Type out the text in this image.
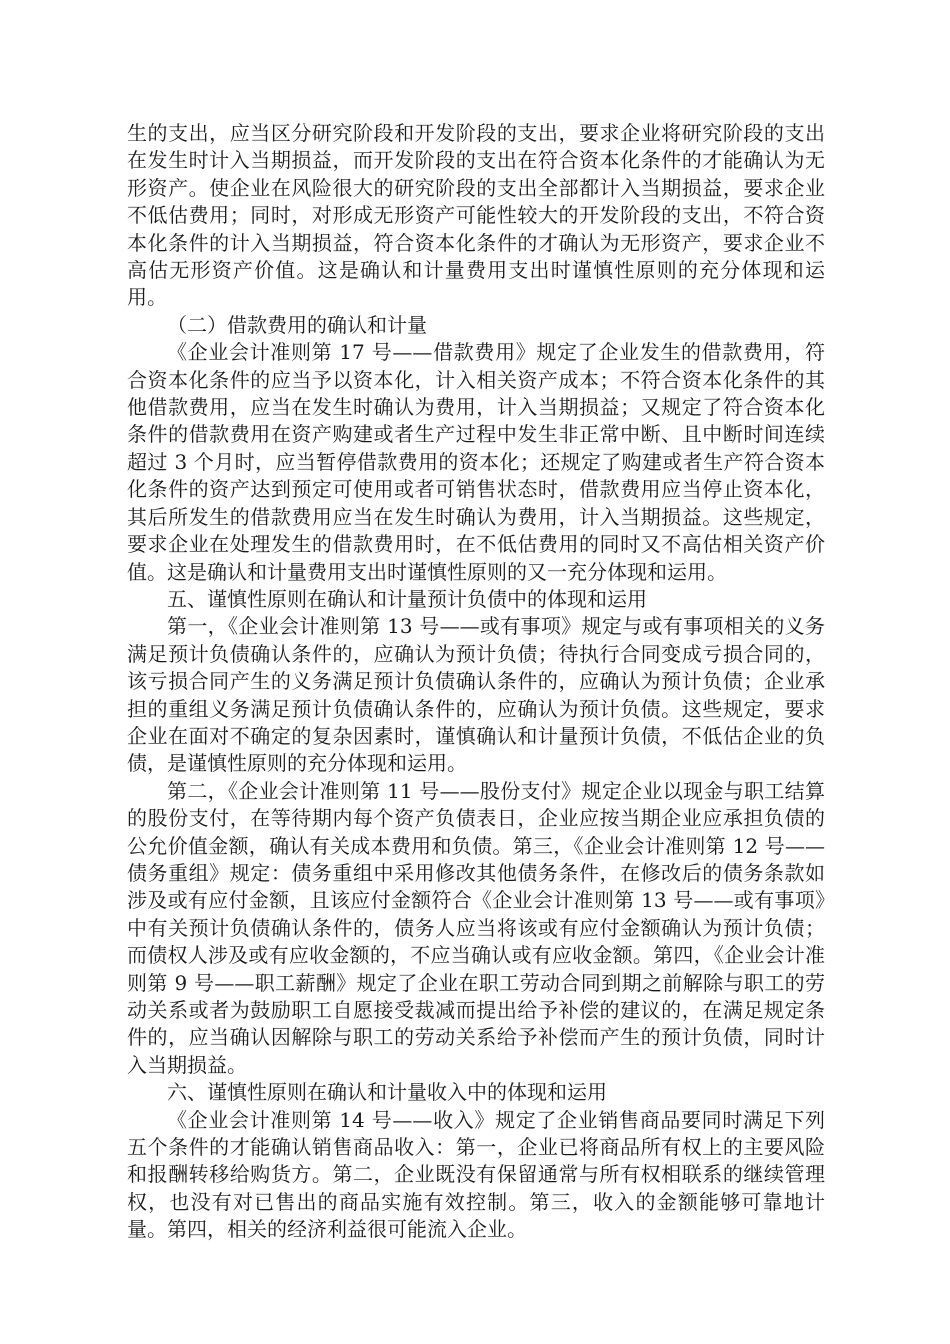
生的支出，应当区分研究阶段和开发阶段的支出，要求企业将研究阶段的支出在发生时计入当期损益，而开发阶段的支出在符合资本化条件的才能确认为无形资产。使企业在风险很大的研究阶段的支出全部都计入当期损益，要求企业不低估费用；同时，对形成无形资产可能性较大的开发阶段的支出，不符合资本化条件的计入当期损益，符合资本化条件的才确认为无形资产，要求企业不高估无形资产价值。这是确认和计量费用支出时谨慎性原则的充分体现和运用。

（二）借款费用的确认和计量

《企业会计准则第 17 号——借款费用》规定了企业发生的借款费用，符合资本化条件的应当予以资本化，计入相关资产成本；不符合资本化条件的其他借款费用，应当在发生时确认为费用，计入当期损益；又规定了符合资本化条件的借款费用在资产购建或者生产过程中发生非正常中断、且中断时间连续超过 3 个月时，应当暂停借款费用的资本化；还规定了购建或者生产符合资本化条件的资产达到预定可使用或者可销售状态时，借款费用应当停止资本化，其后所发生的借款费用应当在发生时确认为费用，计入当期损益。这些规定，要求企业在处理发生的借款费用时，在不低估费用的同时又不高估相关资产价值。这是确认和计量费用支出时谨慎性原则的又一充分体现和运用。

五、谨慎性原则在确认和计量预计负债中的体现和运用

第一，《企业会计准则第 13 号——或有事项》规定与或有事项相关的义务满足预计负债确认条件的，应确认为预计负债；待执行合同变成亏损合同的，该亏损合同产生的义务满足预计负债确认条件的，应确认为预计负债；企业承担的重组义务满足预计负债确认条件的，应确认为预计负债。这些规定，要求企业在面对不确定的复杂因素时，谨慎确认和计量预计负债，不低估企业的负债，是谨慎性原则的充分体现和运用。

第二，《企业会计准则第 11 号——股份支付》规定企业以现金与职工结算的股份支付，在等待期内每个资产负债表日，企业应按当期企业应承担负债的公允价值金额，确认有关成本费用和负债。第三，《企业会计准则第 12 号——债务重组》规定：债务重组中采用修改其他债务条件，在修改后的债务条款如涉及或有应付金额，且该应付金额符合《企业会计准则第 13 号——或有事项》中有关预计负债确认条件的，债务人应当将该或有应付金额确认为预计负债；而债权人涉及或有应收金额的，不应当确认或有应收金额。第四，《企业会计准则第 9 号——职工薪酬》规定了企业在职工劳动合同到期之前解除与职工的劳动关系或者为鼓励职工自愿接受裁减而提出给予补偿的建议的，在满足规定条件的，应当确认因解除与职工的劳动关系给予补偿而产生的预计负债，同时计入当期损益。

六、谨慎性原则在确认和计量收入中的体现和运用

《企业会计准则第 14 号——收入》规定了企业销售商品要同时满足下列五个条件的才能确认销售商品收入：第一，企业已将商品所有权上的主要风险和报酬转移给购货方。第二，企业既没有保留通常与所有权相联系的继续管理权，也没有对已售出的商品实施有效控制。第三，收入的金额能够可靠地计量。第四，相关的经济利益很可能流入企业。
